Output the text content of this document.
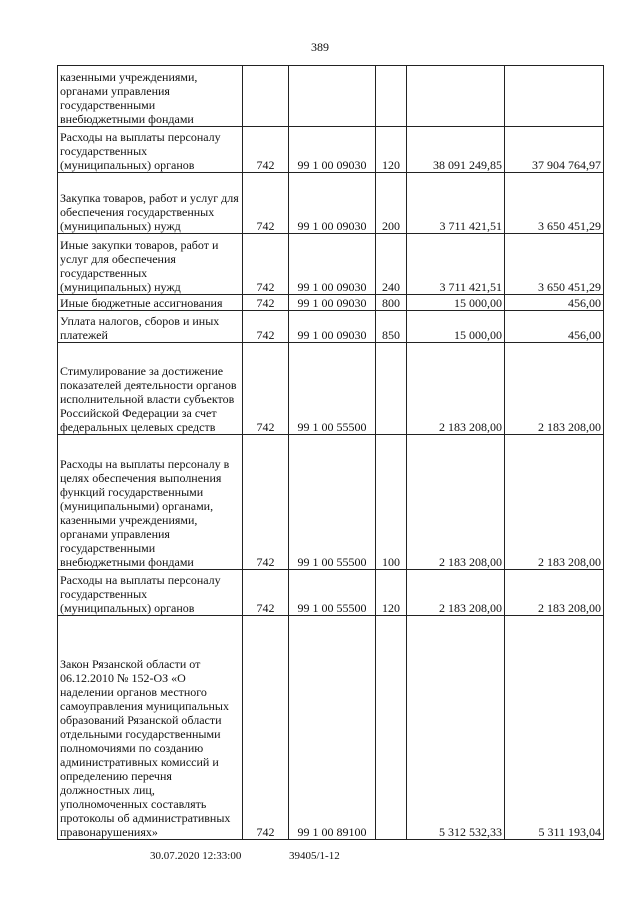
389
казенными учреждениями, органами управления государственными внебюджетными фондами					

Расходы на выплаты персоналу государственных (муниципальных) органов	742	99 1 00 09030	120	38 091 249,85	37 904 764,97

Закупка товаров, работ и услуг для обеспечения государственных (муниципальных) нужд	742	99 1 00 09030	200	3 711 421,51	3 650 451,29

Иные закупки товаров, работ и услуг для обеспечения государственных (муниципальных) нужд	742	99 1 00 09030	240	3 711 421,51	3 650 451,29

Иные бюджетные ассигнования	742	99 1 00 09030	800	15 000,00	456,00

Уплата налогов, сборов и иных платежей	742	99 1 00 09030	850	15 000,00	456,00

Стимулирование за достижение показателей деятельности органов исполнительной власти субъектов Российской Федерации за счет федеральных целевых средств	742	99 1 00 55500		2 183 208,00	2 183 208,00

Расходы на выплаты персоналу в целях обеспечения выполнения функций государственными (муниципальными) органами, казенными учреждениями, органами управления государственными внебюджетными фондами	742	99 1 00 55500	100	2 183 208,00	2 183 208,00

Расходы на выплаты персоналу государственных (муниципальных) органов	742	99 1 00 55500	120	2 183 208,00	2 183 208,00

Закон Рязанской области от 06.12.2010 № 152-ОЗ «О наделении органов местного самоуправления муниципальных образований Рязанской области отдельными государственными полномочиями по созданию административных комиссий и определению перечня должностных лиц, уполномоченных составлять протоколы об административных правонарушениях»	742	99 1 00 89100		5 312 532,33	5 311 193,04
30.07.2020 12:33:00	39405/1-12
